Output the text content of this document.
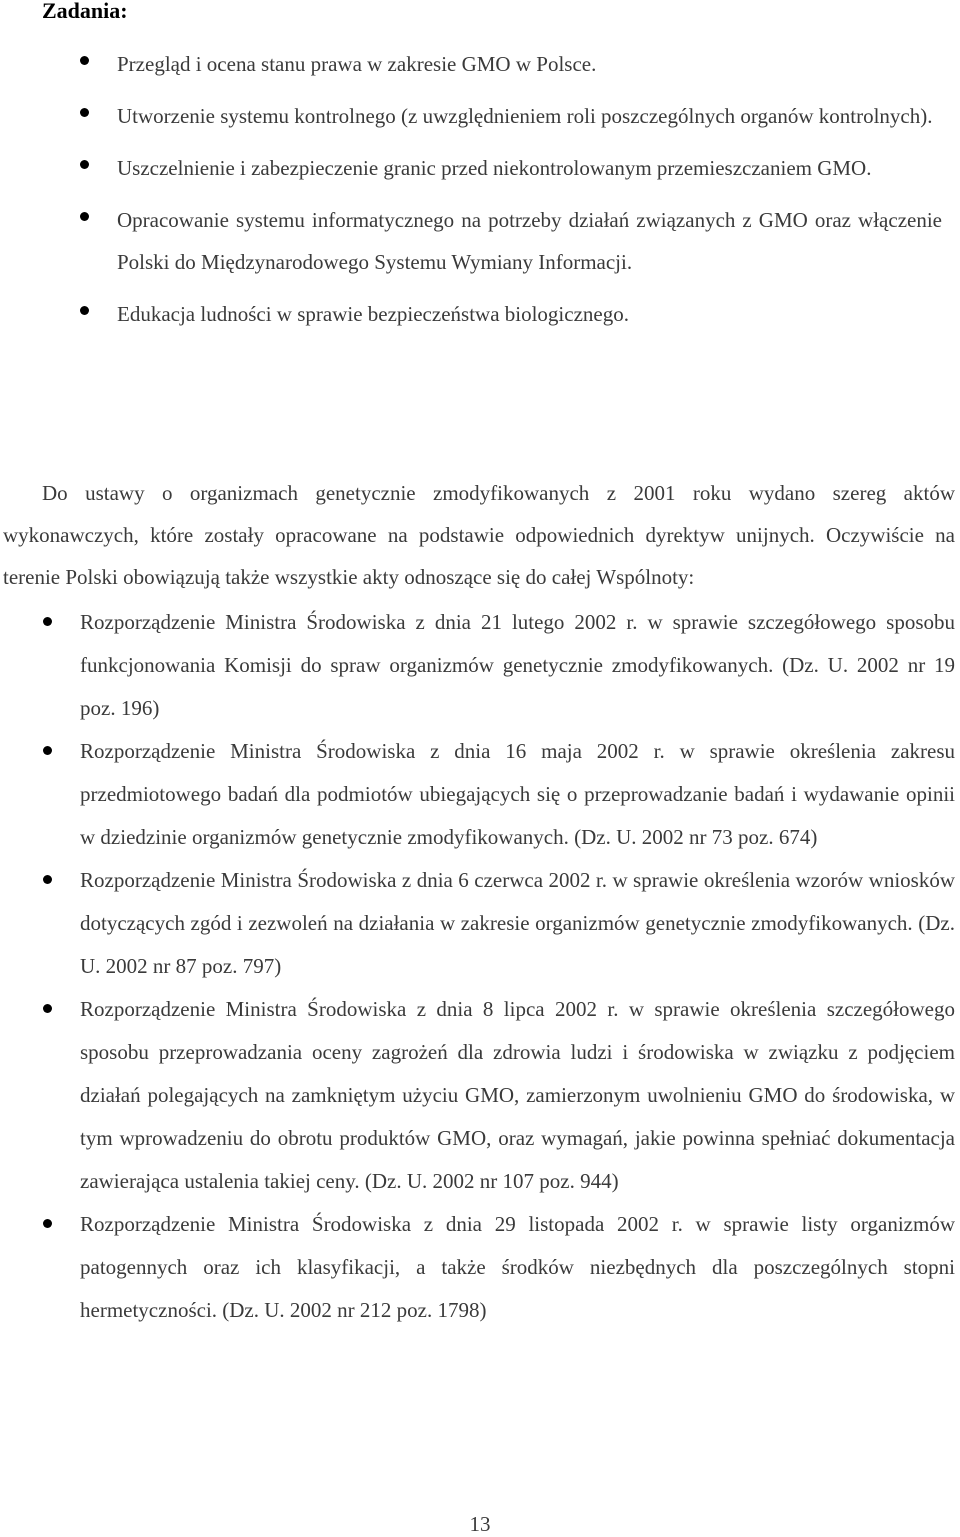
Zadania:
Przegląd i ocena stanu prawa w zakresie GMO w Polsce.
Utworzenie systemu kontrolnego (z uwzględnieniem roli poszczególnych organów kontrolnych).
Uszczelnienie i zabezpieczenie granic przed niekontrolowanym przemieszczaniem GMO.
Opracowanie systemu informatycznego na potrzeby działań związanych z GMO oraz włączenie Polski do Międzynarodowego Systemu Wymiany Informacji.
Edukacja ludności w sprawie bezpieczeństwa biologicznego.

Do ustawy o organizmach genetycznie zmodyfikowanych z 2001 roku wydano szereg aktów wykonawczych, które zostały opracowane na podstawie odpowiednich dyrektyw unijnych. Oczywiście na terenie Polski obowiązują także wszystkie akty odnoszące się do całej Wspólnoty:

Rozporządzenie Ministra Środowiska z dnia 21 lutego 2002 r. w sprawie szczegółowego sposobu funkcjonowania Komisji do spraw organizmów genetycznie zmodyfikowanych. (Dz. U. 2002 nr 19 poz. 196)
Rozporządzenie Ministra Środowiska z dnia 16 maja 2002 r. w sprawie określenia zakresu przedmiotowego badań dla podmiotów ubiegających się o przeprowadzanie badań i wydawanie opinii w dziedzinie organizmów genetycznie zmodyfikowanych. (Dz. U. 2002 nr 73 poz. 674)
Rozporządzenie Ministra Środowiska z dnia 6 czerwca 2002 r. w sprawie określenia wzorów wniosków dotyczących zgód i zezwoleń na działania w zakresie organizmów genetycznie zmodyfikowanych. (Dz. U. 2002 nr 87 poz. 797)
Rozporządzenie Ministra Środowiska z dnia 8 lipca 2002 r. w sprawie określenia szczegółowego sposobu przeprowadzania oceny zagrożeń dla zdrowia ludzi i środowiska w związku z podjęciem działań polegających na zamkniętym użyciu GMO, zamierzonym uwolnieniu GMO do środowiska, w tym wprowadzeniu do obrotu produktów GMO, oraz wymagań, jakie powinna spełniać dokumentacja zawierająca ustalenia takiej ceny. (Dz. U. 2002 nr 107 poz. 944)
Rozporządzenie Ministra Środowiska z dnia 29 listopada 2002 r. w sprawie listy organizmów patogennych oraz ich klasyfikacji, a także środków niezbędnych dla poszczególnych stopni hermetyczności. (Dz. U. 2002 nr 212 poz. 1798)
13
